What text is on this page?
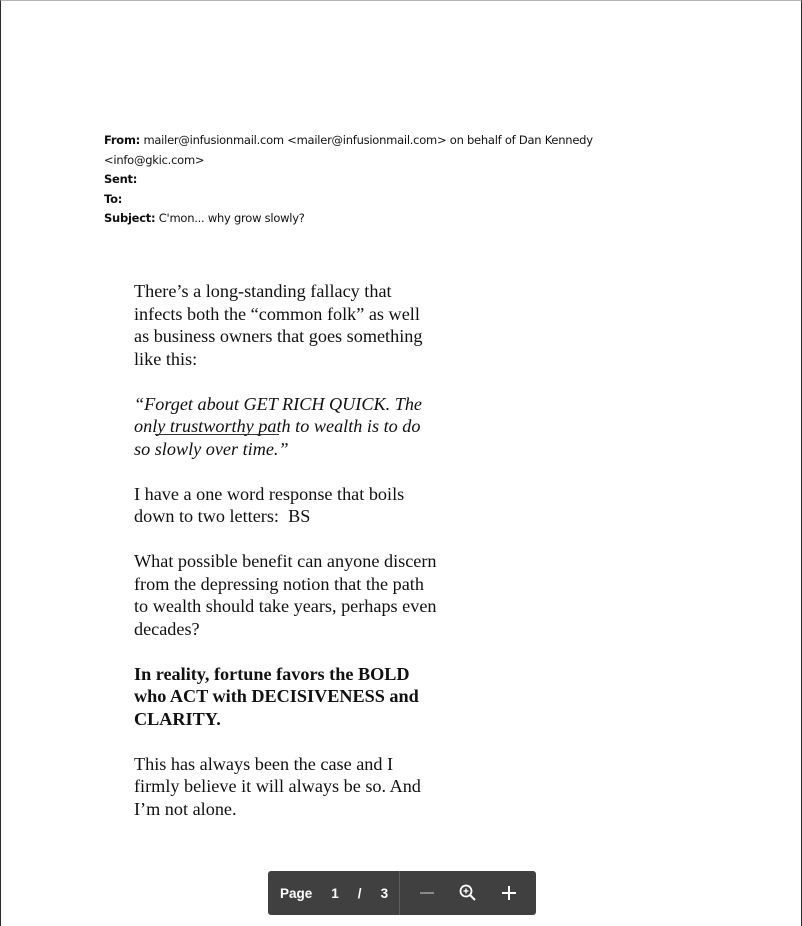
From: mailer@infusionmail.com <mailer@infusionmail.com> on behalf of Dan Kennedy
<info@gkic.com>
Sent:
To:
Subject: C'mon... why grow slowly?

There’s a long-standing fallacy that infects both the “common folk” as well as business owners that goes something like this:

“Forget about GET RICH QUICK. The only trustworthy path to wealth is to do so slowly over time.”

I have a one word response that boils down to two letters:  BS

What possible benefit can anyone discern from the depressing notion that the path to wealth should take years, perhaps even decades?

In reality, fortune favors the BOLD who ACT with DECISIVENESS and CLARITY.

This has always been the case and I firmly believe it will always be so. And I’m not alone.

Page 1 / 3
